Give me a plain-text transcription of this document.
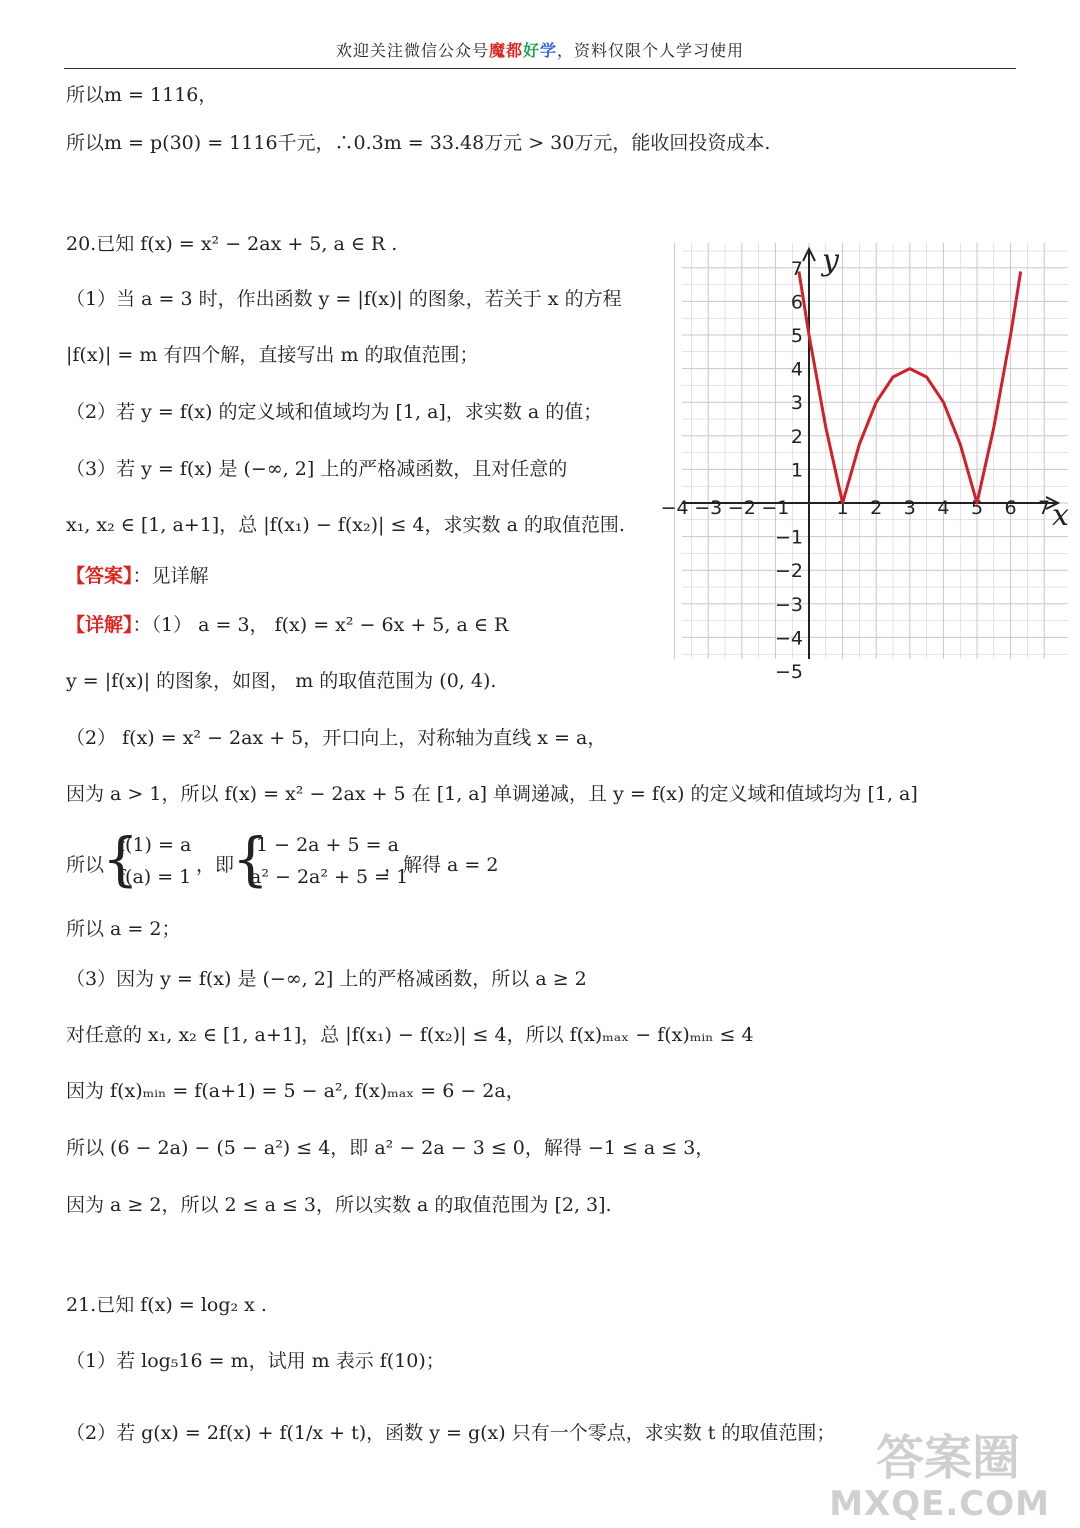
欢迎关注微信公众号魔都好学，资料仅限个人学习使用
所以m = 1116，
所以m = p(30) = 1116千元，∴0.3m = 33.48万元 > 30万元，能收回投资成本.
20.已知 f(x) = x² − 2ax + 5, a ∈ R .
（1）当 a = 3 时，作出函数 y = |f(x)| 的图象，若关于 x 的方程
|f(x)| = m 有四个解，直接写出 m 的取值范围；
（2）若 y = f(x) 的定义域和值域均为 [1, a]，求实数 a 的值；
（3）若 y = f(x) 是 (−∞, 2] 上的严格减函数，且对任意的
x₁, x₂ ∈ [1, a+1]，总 |f(x₁) − f(x₂)| ≤ 4，求实数 a 的取值范围.
【答案】：见详解
【详解】：（1） a = 3， f(x) = x² − 6x + 5, a ∈ R
y = |f(x)| 的图象，如图， m 的取值范围为 (0, 4).
（2） f(x) = x² − 2ax + 5，开口向上，对称轴为直线 x = a，
因为 a > 1，所以 f(x) = x² − 2ax + 5 在 [1, a] 单调递减，且 y = f(x) 的定义域和值域均为 [1, a]
所以
{
f(1) = a
f(a) = 1
，即
{
1 − 2a + 5 = a
a² − 2a² + 5 = 1
，解得 a = 2
所以 a = 2；
（3）因为 y = f(x) 是 (−∞, 2] 上的严格减函数，所以 a ≥ 2
对任意的 x₁, x₂ ∈ [1, a+1]，总 |f(x₁) − f(x₂)| ≤ 4，所以 f(x)ₘₐₓ − f(x)ₘᵢₙ ≤ 4
因为 f(x)ₘᵢₙ = f(a+1) = 5 − a², f(x)ₘₐₓ = 6 − 2a，
所以 (6 − 2a) − (5 − a²) ≤ 4，即 a² − 2a − 3 ≤ 0，解得 −1 ≤ a ≤ 3，
因为 a ≥ 2，所以 2 ≤ a ≤ 3，所以实数 a 的取值范围为 [2, 3].
21.已知 f(x) = log₂ x .
（1）若 log₅16 = m，试用 m 表示 f(10)；
（2）若 g(x) = 2f(x) + f(1/x + t)，函数 y = g(x) 只有一个零点，求实数 t 的取值范围；
−4 −3 −2 −1 1 2 3 4 5 6 7
7
6
5
4
3
2
1
−1
−2
−3
−4
−5
x
y
答案圈
MXQE.COM
